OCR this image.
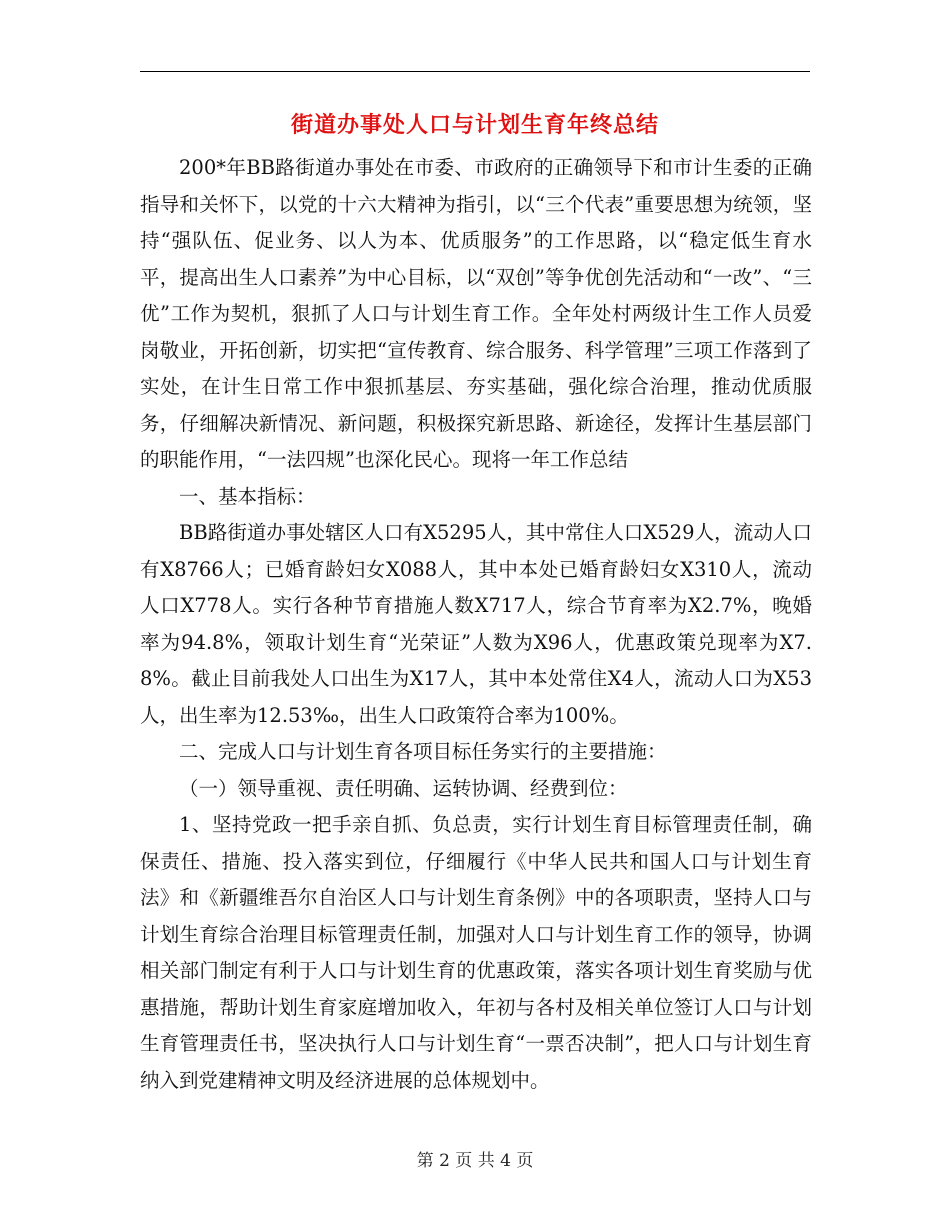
街道办事处人口与计划生育年终总结

200*年BB路街道办事处在市委、市政府的正确领导下和市计生委的正确指导和关怀下，以党的十六大精神为指引，以“三个代表”重要思想为统领，坚持“强队伍、促业务、以人为本、优质服务”的工作思路，以“稳定低生育水平，提高出生人口素养”为中心目标，以“双创”等争优创先活动和“一改”、“三优”工作为契机，狠抓了人口与计划生育工作。全年处村两级计生工作人员爱岗敬业，开拓创新，切实把“宣传教育、综合服务、科学管理”三项工作落到了实处，在计生日常工作中狠抓基层、夯实基础，强化综合治理，推动优质服务，仔细解决新情况、新问题，积极探究新思路、新途径，发挥计生基层部门的职能作用，“一法四规”也深化民心。现将一年工作总结

一、基本指标：

BB路街道办事处辖区人口有X5295人，其中常住人口X529人，流动人口有X8766人；已婚育龄妇女X088人，其中本处已婚育龄妇女X310人，流动人口X778人。实行各种节育措施人数X717人，综合节育率为X2.7%，晚婚率为94.8%，领取计划生育“光荣证”人数为X96人，优惠政策兑现率为X7.8%。截止目前我处人口出生为X17人，其中本处常住X4人，流动人口为X53人，出生率为12.53‰，出生人口政策符合率为100%。

二、完成人口与计划生育各项目标任务实行的主要措施：

（一）领导重视、责任明确、运转协调、经费到位：

1、坚持党政一把手亲自抓、负总责，实行计划生育目标管理责任制，确保责任、措施、投入落实到位，仔细履行《中华人民共和国人口与计划生育法》和《新疆维吾尔自治区人口与计划生育条例》中的各项职责，坚持人口与计划生育综合治理目标管理责任制，加强对人口与计划生育工作的领导，协调相关部门制定有利于人口与计划生育的优惠政策，落实各项计划生育奖励与优惠措施，帮助计划生育家庭增加收入，年初与各村及相关单位签订人口与计划生育管理责任书，坚决执行人口与计划生育“一票否决制”，把人口与计划生育纳入到党建精神文明及经济进展的总体规划中。

第 2 页 共 4 页
